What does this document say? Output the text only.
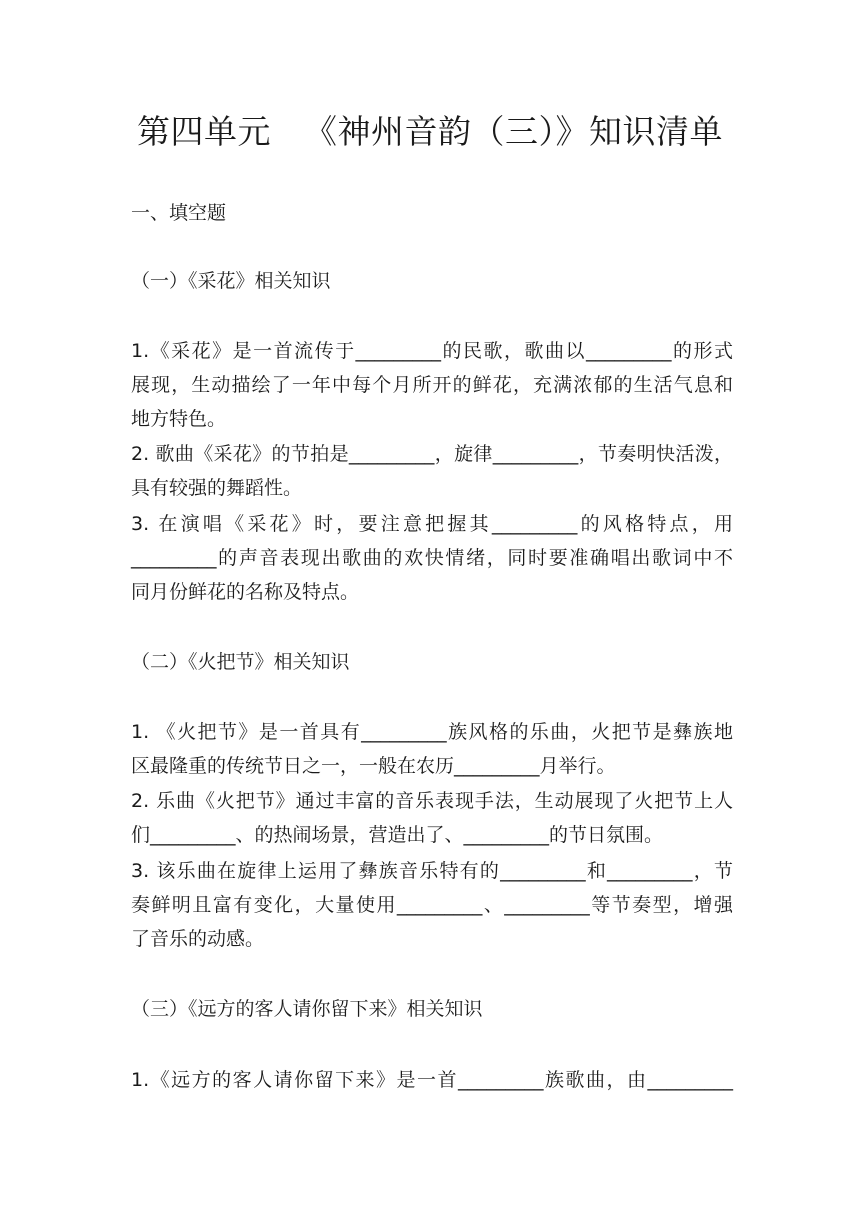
第四单元   《神州音韵（三）》知识清单
一、填空题
（一）《采花》相关知识
1.《采花》是一首流传于_________的民歌，歌曲以_________的形式
展现，生动描绘了一年中每个月所开的鲜花，充满浓郁的生活气息和
地方特色。
2. 歌曲《采花》的节拍是_________，旋律_________，节奏明快活泼，
具有较强的舞蹈性。
3. 在演唱《采花》时，要注意把握其_________的风格特点，用
_________的声音表现出歌曲的欢快情绪，同时要准确唱出歌词中不
同月份鲜花的名称及特点。
（二）《火把节》相关知识
1. 《火把节》是一首具有_________族风格的乐曲，火把节是彝族地
区最隆重的传统节日之一，一般在农历_________月举行。
2. 乐曲《火把节》通过丰富的音乐表现手法，生动展现了火把节上人
们_________、的热闹场景，营造出了、_________的节日氛围。
3. 该乐曲在旋律上运用了彝族音乐特有的_________和_________，节
奏鲜明且富有变化，大量使用_________、_________等节奏型，增强
了音乐的动感。
（三）《远方的客人请你留下来》相关知识
1.《远方的客人请你留下来》是一首_________族歌曲，由_________
